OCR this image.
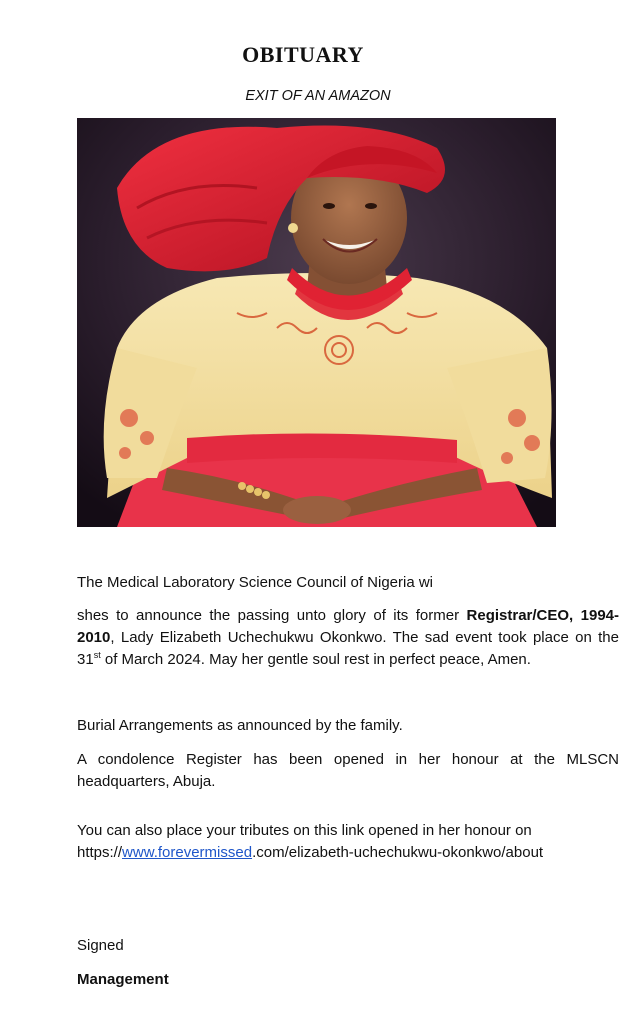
OBITUARY

EXIT OF AN AMAZON

The Medical Laboratory Science Council of Nigeria wi

shes to announce the passing unto glory of its former Registrar/CEO, 1994-2010, Lady Elizabeth Uchechukwu Okonkwo. The sad event took place on the 31st of March 2024. May her gentle soul rest in perfect peace, Amen.

Burial Arrangements as announced by the family.

A condolence Register has been opened in her honour at the MLSCN headquarters, Abuja.

You can also place your tributes on this link opened in her honour on https://www.forevermissed.com/elizabeth-uchechukwu-okonkwo/about

Signed

Management
